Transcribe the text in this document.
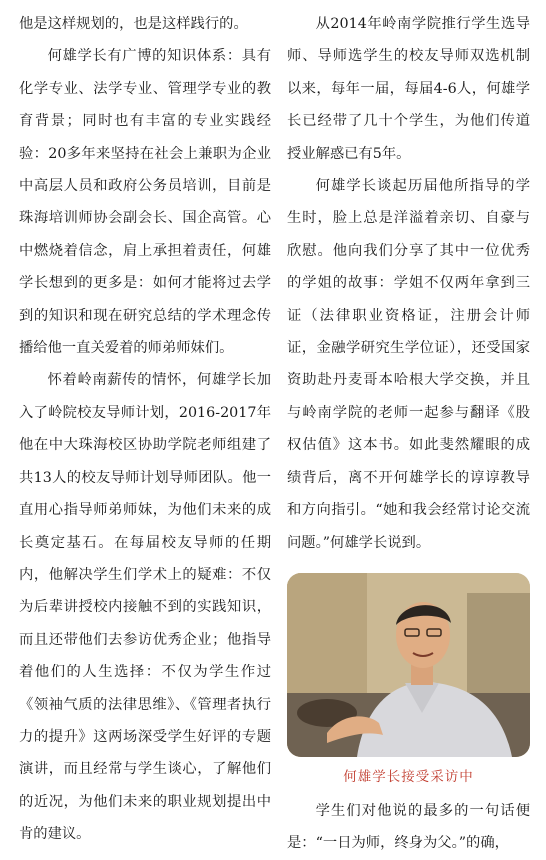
他是这样规划的，也是这样践行的。

何雄学长有广博的知识体系：具有化学专业、法学专业、管理学专业的教育背景；同时也有丰富的专业实践经验：20多年来坚持在社会上兼职为企业中高层人员和政府公务员培训，目前是珠海培训师协会副会长、国企高管。心中燃烧着信念，肩上承担着责任，何雄学长想到的更多是：如何才能将过去学到的知识和现在研究总结的学术理念传播给他一直关爱着的师弟师妹们。

怀着岭南薪传的情怀，何雄学长加入了岭院校友导师计划，2016-2017年他在中大珠海校区协助学院老师组建了共13人的校友导师计划导师团队。他一直用心指导师弟师妹，为他们未来的成长奠定基石。在每届校友导师的任期内，他解决学生们学术上的疑难：不仅为后辈讲授校内接触不到的实践知识，而且还带他们去参访优秀企业；他指导着他们的人生选择：不仅为学生作过《领袖气质的法律思维》、《管理者执行力的提升》这两场深受学生好评的专题演讲，而且经常与学生谈心，了解他们的近况，为他们未来的职业规划提出中肯的建议。

从2014年岭南学院推行学生选导师、导师选学生的校友导师双选机制以来，每年一届，每届4-6人，何雄学长已经带了几十个学生，为他们传道授业解惑已有5年。

何雄学长谈起历届他所指导的学生时，脸上总是洋溢着亲切、自豪与欣慰。他向我们分享了其中一位优秀的学姐的故事：学姐不仅两年拿到三证（法律职业资格证，注册会计师证，金融学研究生学位证），还受国家资助赴丹麦哥本哈根大学交换，并且与岭南学院的老师一起参与翻译《股权估值》这本书。如此斐然耀眼的成绩背后，离不开何雄学长的谆谆教导和方向指引。“她和我会经常讨论交流问题。”何雄学长说到。

何雄学长接受采访中

学生们对他说的最多的一句话便是：“一日为师，终身为父。”的确，
